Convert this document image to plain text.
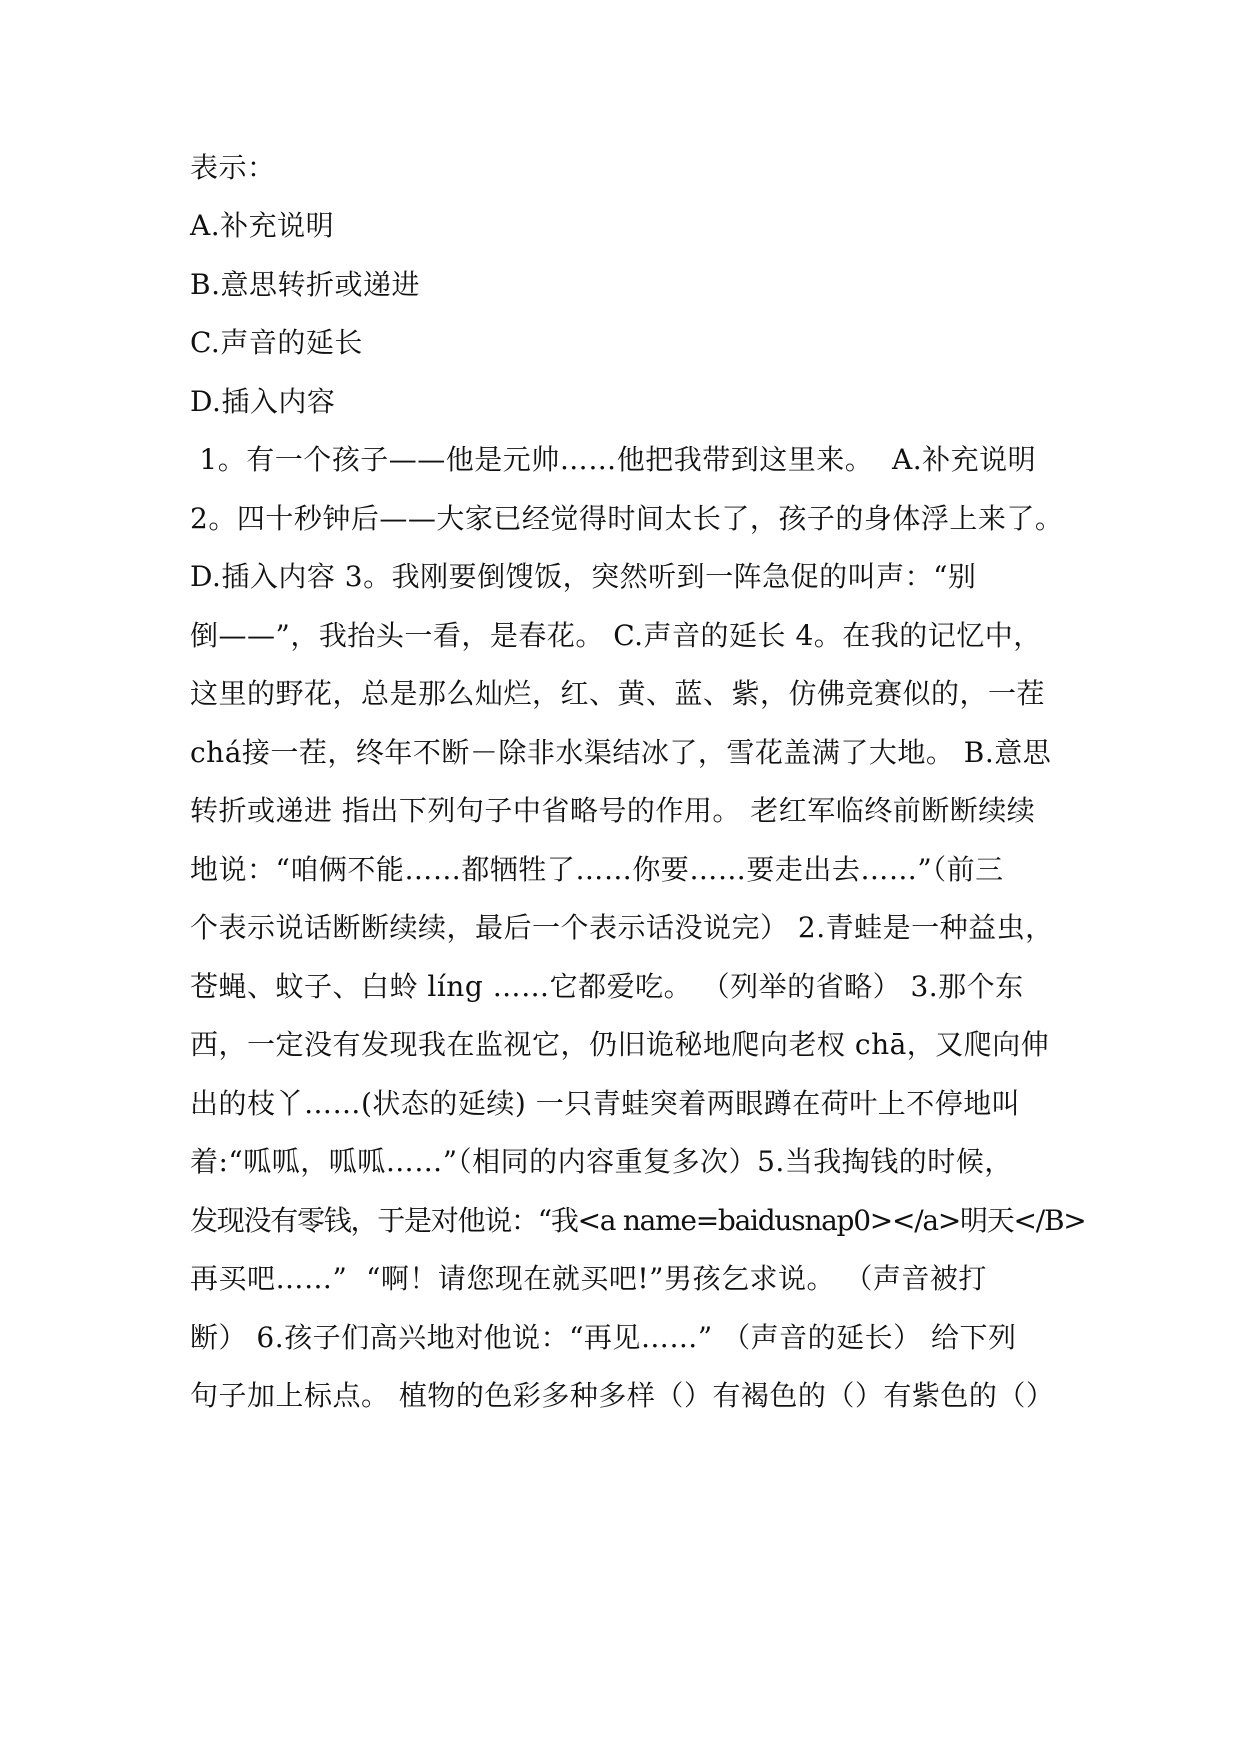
表示：
A.补充说明
B.意思转折或递进
C.声音的延长
D.插入内容
1。有一个孩子——他是元帅……他把我带到这里来。  A.补充说明
2。四十秒钟后——大家已经觉得时间太长了，孩子的身体浮上来了。
D.插入内容 3。我刚要倒馊饭，突然听到一阵急促的叫声：“别
倒——”，我抬头一看，是春花。 C.声音的延长 4。在我的记忆中，
这里的野花，总是那么灿烂，红、黄、蓝、紫，仿佛竞赛似的，一茬
chá接一茬，终年不断－除非水渠结冰了，雪花盖满了大地。 B.意思
转折或递进 指出下列句子中省略号的作用。 老红军临终前断断续续
地说：“咱俩不能……都牺牲了……你要……要走出去……”（前三
个表示说话断断续续，最后一个表示话没说完） 2.青蛙是一种益虫，
苍蝇、蚊子、白蛉 líng ……它都爱吃。 （列举的省略） 3.那个东
西，一定没有发现我在监视它，仍旧诡秘地爬向老杈 chā，又爬向伸
出的枝丫……(状态的延续) 一只青蛙突着两眼蹲在荷叶上不停地叫
着:“呱呱，呱呱……”（相同的内容重复多次）5.当我掏钱的时候，
发现没有零钱，于是对他说：“我<a name=baidusnap0></a>明天</B>
再买吧……”  “啊！请您现在就买吧!”男孩乞求说。 （声音被打
断） 6.孩子们高兴地对他说：“再见……” （声音的延长） 给下列
句子加上标点。 植物的色彩多种多样（）有褐色的（）有紫色的（）
